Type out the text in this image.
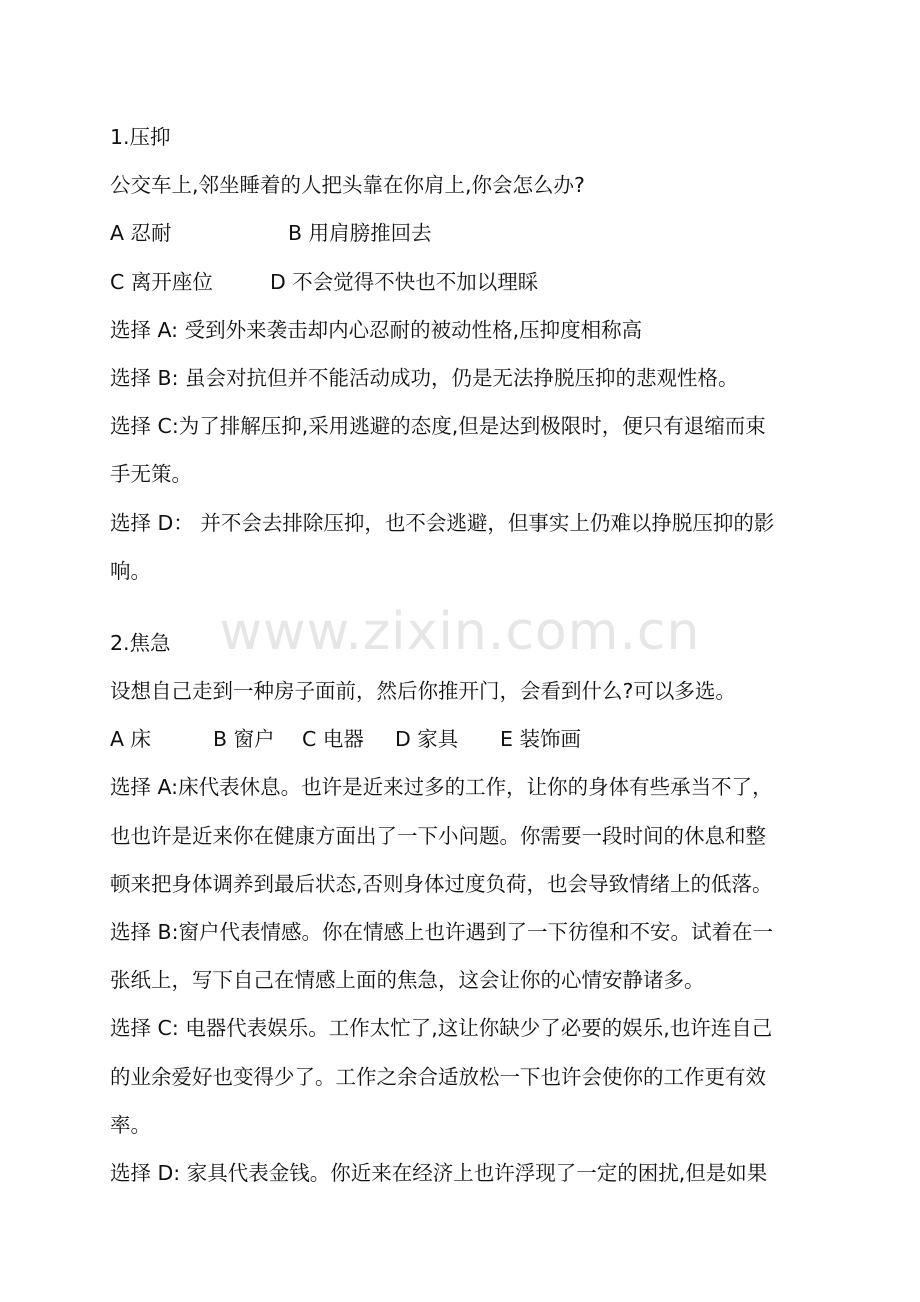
www.zixin.com.cn
1.压抑
公交车上,邻坐睡着的人把头靠在你肩上,你会怎么办?
A 忍耐	B 用肩膀推回去
C 离开座位	D 不会觉得不快也不加以理睬
选择 A: 受到外来袭击却内心忍耐的被动性格,压抑度相称高
选择 B: 虽会对抗但并不能活动成功，仍是无法挣脱压抑的悲观性格。
选择 C:为了排解压抑,采用逃避的态度,但是达到极限时，便只有退缩而束
手无策。
选择 D： 并不会去排除压抑，也不会逃避，但事实上仍难以挣脱压抑的影
响。
2.焦急
设想自己走到一种房子面前，然后你推开门，会看到什么?可以多选。
A 床	B 窗户 C 电器 D 家具 E 装饰画
选择 A:床代表休息。也许是近来过多的工作，让你的身体有些承当不了，
也也许是近来你在健康方面出了一下小问题。你需要一段时间的休息和整
顿来把身体调养到最后状态,否则身体过度负荷，也会导致情绪上的低落。
选择 B:窗户代表情感。你在情感上也许遇到了一下彷徨和不安。试着在一
张纸上，写下自己在情感上面的焦急，这会让你的心情安静诸多。
选择 C: 电器代表娱乐。工作太忙了,这让你缺少了必要的娱乐,也许连自己
的业余爱好也变得少了。工作之余合适放松一下也许会使你的工作更有效
率。
选择 D: 家具代表金钱。你近来在经济上也许浮现了一定的困扰,但是如果
